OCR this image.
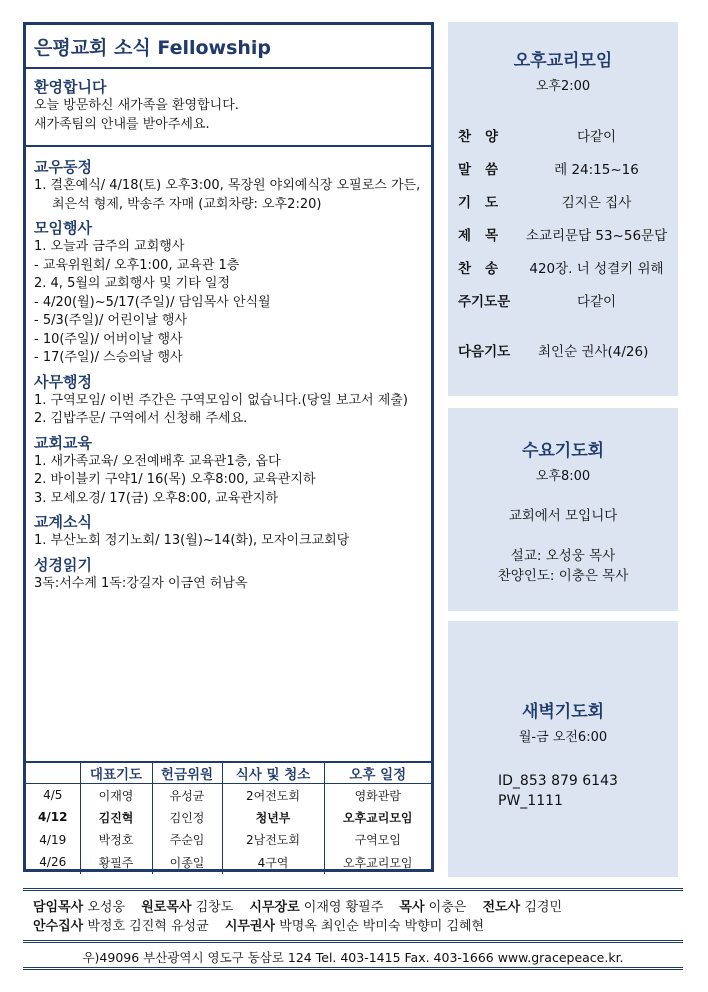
은평교회 소식 Fellowship
환영합니다
오늘 방문하신 새가족을 환영합니다.
새가족팀의 안내를 받아주세요.
교우동정
1. 결혼예식/ 4/18(토) 오후3:00, 목장원 야외예식장 오필로스 가든,
최은석 형제, 박송주 자매 (교회차량: 오후2:20)
모임행사
1. 오늘과 금주의 교회행사
- 교육위원회/ 오후1:00, 교육관 1층
2. 4, 5월의 교회행사 및 기타 일정
- 4/20(월)~5/17(주일)/ 담임목사 안식월
- 5/3(주일)/ 어린이날 행사
- 10(주일)/ 어버이날 행사
- 17(주일)/ 스승의날 행사
사무행정
1. 구역모임/ 이번 주간은 구역모임이 없습니다.(당일 보고서 제출)
2. 김밥주문/ 구역에서 신청해 주세요.
교회교육
1. 새가족교육/ 오전예배후 교육관1층, 옵다
2. 바이블키 구약1/ 16(목) 오후8:00, 교육관지하
3. 모세오경/ 17(금) 오후8:00, 교육관지하
교계소식
1. 부산노회 정기노회/ 13(월)~14(화), 모자이크교회당
성경읽기
3독:서수계 1독:강길자 이금연 허남옥
	대표기도	헌금위원	식사 및 청소	오후 일정
4/5	이재영	유성균	2여전도회	영화관람
4/12	김진혁	김인정	청년부	오후교리모임
4/19	박정호	주순임	2남전도회	구역모임
4/26	황필주	이종일	4구역	오후교리모임
오후교리모임
오후2:00
찬양	다같이
말씀	레 24:15~16
기도	김지은 집사
제목	소교리문답 53~56문답
찬송	420장. 너 성결키 위해
주기도문	다같이
다음기도	최인순 권사(4/26)
수요기도회
오후8:00
교회에서 모입니다
설교: 오성웅 목사
찬양인도: 이충은 목사
새벽기도회
월-금 오전6:00
ID_853 879 6143
PW_1111
담임목사 오성웅 원로목사 김창도 시무장로 이재영 황필주 목사 이충은 전도사 김경민
안수집사 박정호 김진혁 유성균 시무권사 박명옥 최인순 박미숙 박향미 김혜현
우)49096 부산광역시 영도구 동삼로 124 Tel. 403-1415 Fax. 403-1666 www.gracepeace.kr.
